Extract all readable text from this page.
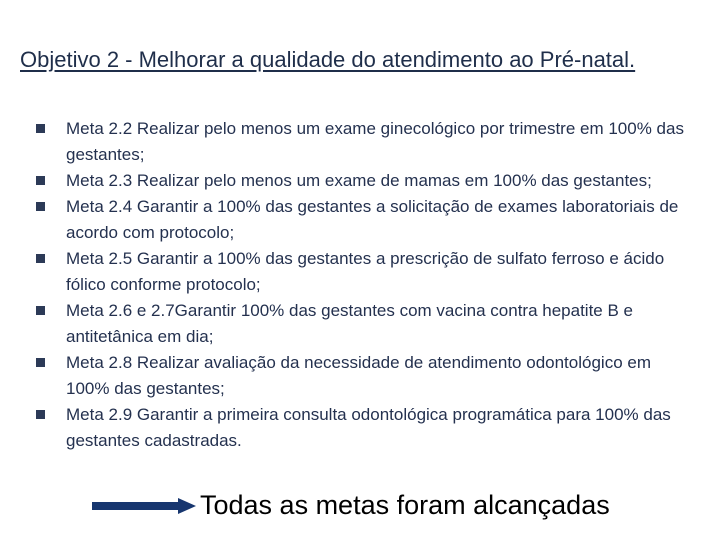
Objetivo 2 - Melhorar a qualidade do atendimento ao Pré-natal.
Meta 2.2 Realizar pelo menos um exame ginecológico por trimestre em 100% das gestantes;
Meta 2.3 Realizar pelo menos um exame de mamas em 100% das gestantes;
Meta 2.4 Garantir a 100% das gestantes a solicitação de exames laboratoriais de acordo com protocolo;
Meta 2.5 Garantir a 100% das gestantes a prescrição de sulfato ferroso e ácido fólico conforme protocolo;
Meta 2.6 e 2.7Garantir 100% das gestantes com vacina contra hepatite B e antitetânica em dia;
Meta 2.8 Realizar avaliação da necessidade de atendimento odontológico em 100% das gestantes;
Meta 2.9 Garantir a primeira consulta odontológica programática para 100% das gestantes cadastradas.
Todas as metas foram alcançadas
